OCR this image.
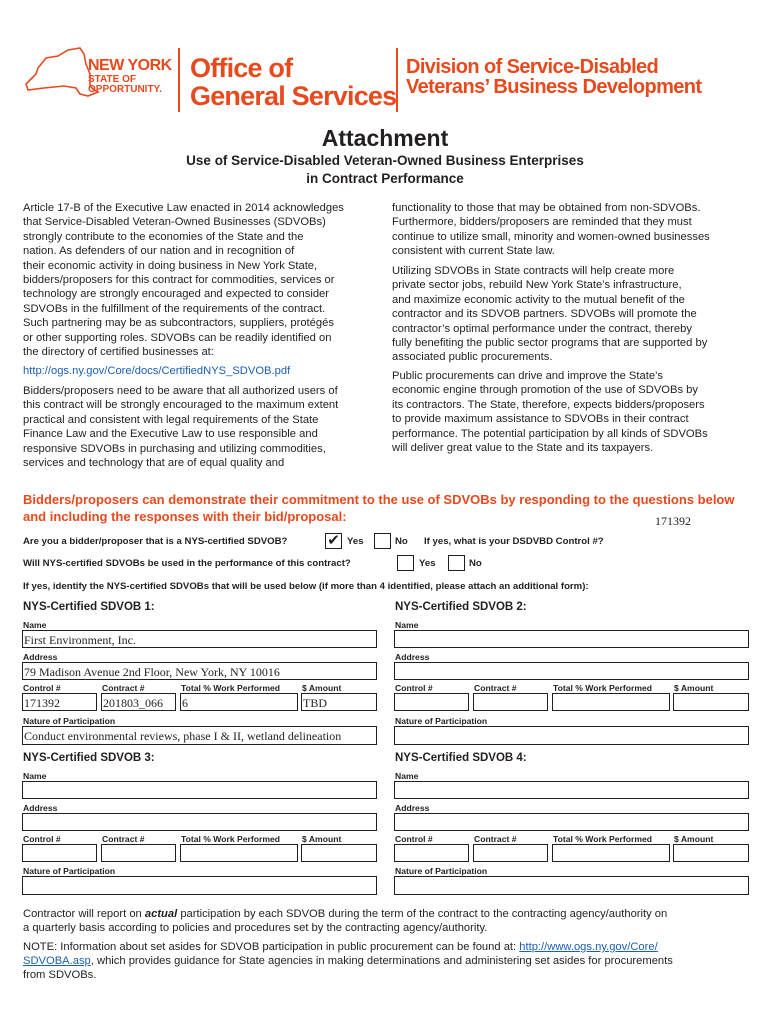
NEW YORK
STATE OF
OPPORTUNITY.
Office of
General Services
Division of Service-Disabled
Veterans’ Business Development
Attachment
Use of Service-Disabled Veteran-Owned Business Enterprises
in Contract Performance
Article 17-B of the Executive Law enacted in 2014 acknowledges
that Service-Disabled Veteran-Owned Businesses (SDVOBs)
strongly contribute to the economies of the State and the
nation. As defenders of our nation and in recognition of
their economic activity in doing business in New York State,
bidders/proposers for this contract for commodities, services or
technology are strongly encouraged and expected to consider
SDVOBs in the fulfillment of the requirements of the contract.
Such partnering may be as subcontractors, suppliers, protégés
or other supporting roles. SDVOBs can be readily identified on
the directory of certified businesses at:
http://ogs.ny.gov/Core/docs/CertifiedNYS_SDVOB.pdf
Bidders/proposers need to be aware that all authorized users of
this contract will be strongly encouraged to the maximum extent
practical and consistent with legal requirements of the State
Finance Law and the Executive Law to use responsible and
responsive SDVOBs in purchasing and utilizing commodities,
services and technology that are of equal quality and
functionality to those that may be obtained from non-SDVOBs.
Furthermore, bidders/proposers are reminded that they must
continue to utilize small, minority and women-owned businesses
consistent with current State law.
Utilizing SDVOBs in State contracts will help create more
private sector jobs, rebuild New York State’s infrastructure,
and maximize economic activity to the mutual benefit of the
contractor and its SDVOB partners. SDVOBs will promote the
contractor’s optimal performance under the contract, thereby
fully benefiting the public sector programs that are supported by
associated public procurements.
Public procurements can drive and improve the State’s
economic engine through promotion of the use of SDVOBs by
its contractors. The State, therefore, expects bidders/proposers
to provide maximum assistance to SDVOBs in their contract
performance. The potential participation by all kinds of SDVOBs
will deliver great value to the State and its taxpayers.
Bidders/proposers can demonstrate their commitment to the use of SDVOBs by responding to the questions below
and including the responses with their bid/proposal:	171392
Are you a bidder/proposer that is a NYS-certified SDVOB?	✔ Yes	No If yes, what is your DSDVBD Control #?
Will NYS-certified SDVOBs be used in the performance of this contract?	Yes	No
If yes, identify the NYS-certified SDVOBs that will be used below (if more than 4 identified, please attach an additional form):
NYS-Certified SDVOB 1:
Name
First Environment, Inc.
Address
79 Madison Avenue 2nd Floor, New York, NY 10016
Control #	Contract #	Total % Work Performed	$ Amount
171392	201803_066	6	TBD
Nature of Participation
Conduct environmental reviews, phase I & II, wetland delineation
NYS-Certified SDVOB 2:
Name
Address
Control #	Contract #	Total % Work Performed	$ Amount
Nature of Participation
NYS-Certified SDVOB 3:
Name
Address
Control #	Contract #	Total % Work Performed	$ Amount
Nature of Participation
NYS-Certified SDVOB 4:
Name
Address
Control #	Contract #	Total % Work Performed	$ Amount
Nature of Participation
Contractor will report on actual participation by each SDVOB during the term of the contract to the contracting agency/authority on
a quarterly basis according to policies and procedures set by the contracting agency/authority.
NOTE: Information about set asides for SDVOB participation in public procurement can be found at: http://www.ogs.ny.gov/Core/
SDVOBA.asp, which provides guidance for State agencies in making determinations and administering set asides for procurements
from SDVOBs.
